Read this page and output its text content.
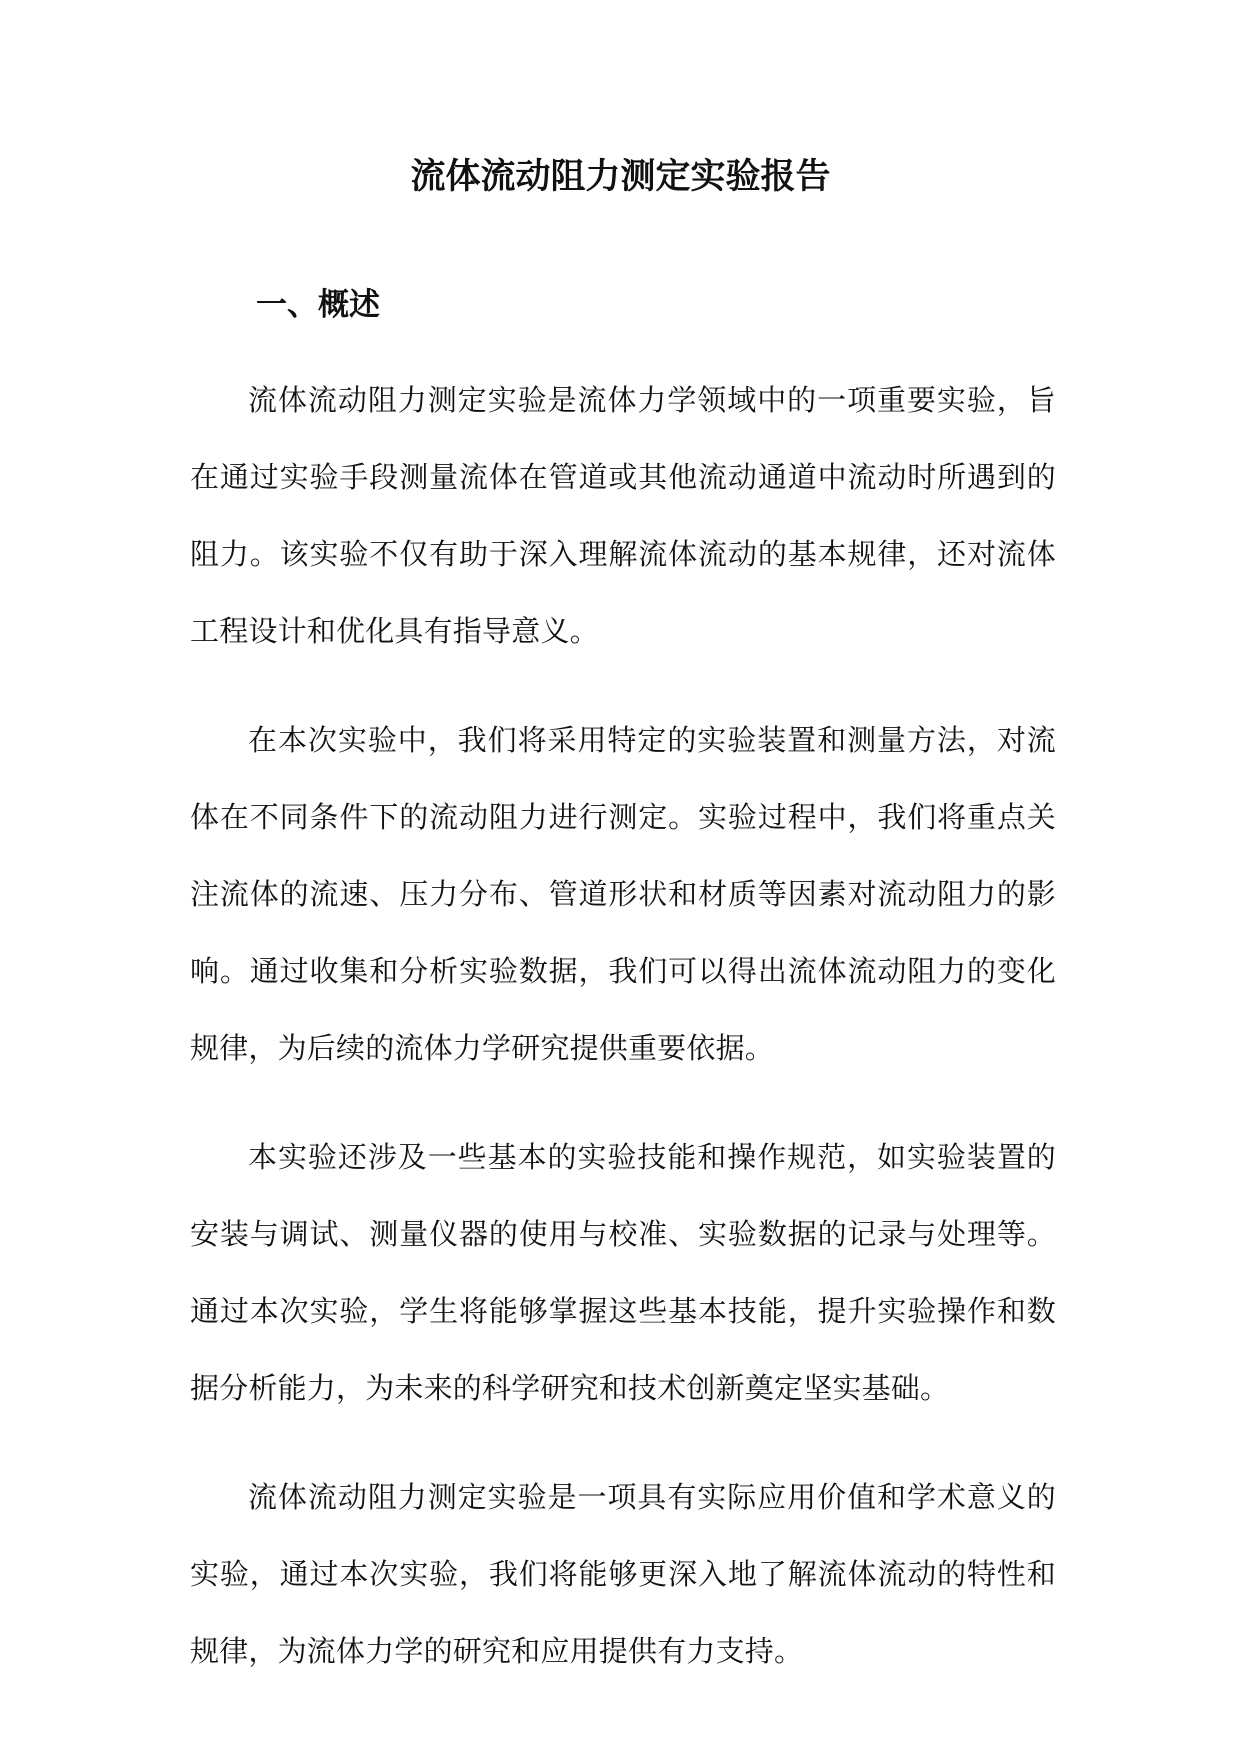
流体流动阻力测定实验报告
一、概述

流体流动阻力测定实验是流体力学领域中的一项重要实验，旨在通过实验手段测量流体在管道或其他流动通道中流动时所遇到的阻力。该实验不仅有助于深入理解流体流动的基本规律，还对流体工程设计和优化具有指导意义。

在本次实验中，我们将采用特定的实验装置和测量方法，对流体在不同条件下的流动阻力进行测定。实验过程中，我们将重点关注流体的流速、压力分布、管道形状和材质等因素对流动阻力的影响。通过收集和分析实验数据，我们可以得出流体流动阻力的变化规律，为后续的流体力学研究提供重要依据。

本实验还涉及一些基本的实验技能和操作规范，如实验装置的安装与调试、测量仪器的使用与校准、实验数据的记录与处理等。通过本次实验，学生将能够掌握这些基本技能，提升实验操作和数据分析能力，为未来的科学研究和技术创新奠定坚实基础。

流体流动阻力测定实验是一项具有实际应用价值和学术意义的实验，通过本次实验，我们将能够更深入地了解流体流动的特性和规律，为流体力学的研究和应用提供有力支持。
